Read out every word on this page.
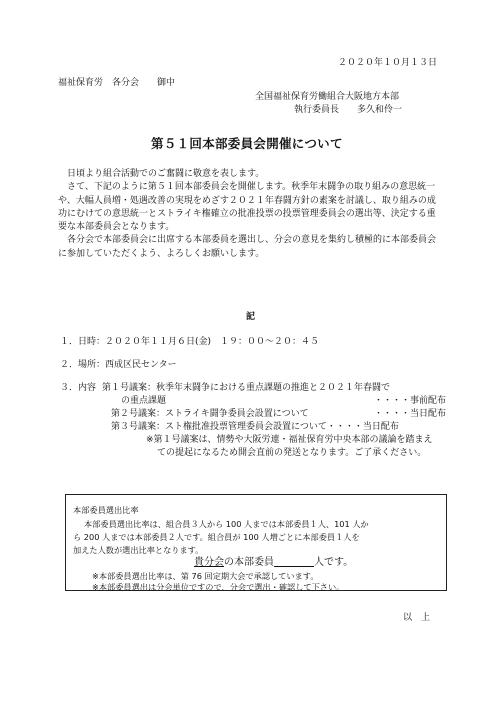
２０２０年１０月１３日
福祉保育労　各分会　　御中
全国福祉保育労働組合大阪地方本部
執行委員長　　多久和伶一
第５１回本部委員会開催について

日頃より組合活動でのご奮闘に敬意を表します。

さて、下記のように第５１回本部委員会を開催します。秋季年末闘争の取り組みの意思統一や、大幅人員増・処遇改善の実現をめざす２０２１年春闘方針の素案を討議し、取り組みの成功にむけての意思統一とストライキ権確立の批准投票の投票管理委員会の選出等、決定する重要な本部委員会となります。

各分会で本部委員会に出席する本部委員を選出し、分会の意見を集約し積極的に本部委員会に参加していただくよう、よろしくお願いします。

記
１．日時：２０２０年１１月６日(金)　１９：００～２０：４５
２．場所：西成区民センター
３．内容 第１号議案：秋季年末闘争における重点課題の推進と２０２１年春闘で
の重点課題	・・・・事前配布
第２号議案：ストライキ闘争委員会設置について	・・・・当日配布
第３号議案：スト権批准投票管理委員会設置について・・・・当日配布
※第１号議案は、情勢や大阪労連・福祉保育労中央本部の議論を踏まえ
ての提起になるため開会直前の発送となります。ご了承ください。
本部委員選出比率
本部委員選出比率は、組合員３人から 100 人までは本部委員１人、101 人か
ら 200 人までは本部委員２人です。組合員が 100 人増ごとに本部委員１人を
加えた人数が選出比率となります。
貴分会の本部委員	人です。
※本部委員選出比率は、第 76 回定期大会で承認しています。
※本部委員選出は分会単位ですので、分会で選出・確認して下さい。
以　上
